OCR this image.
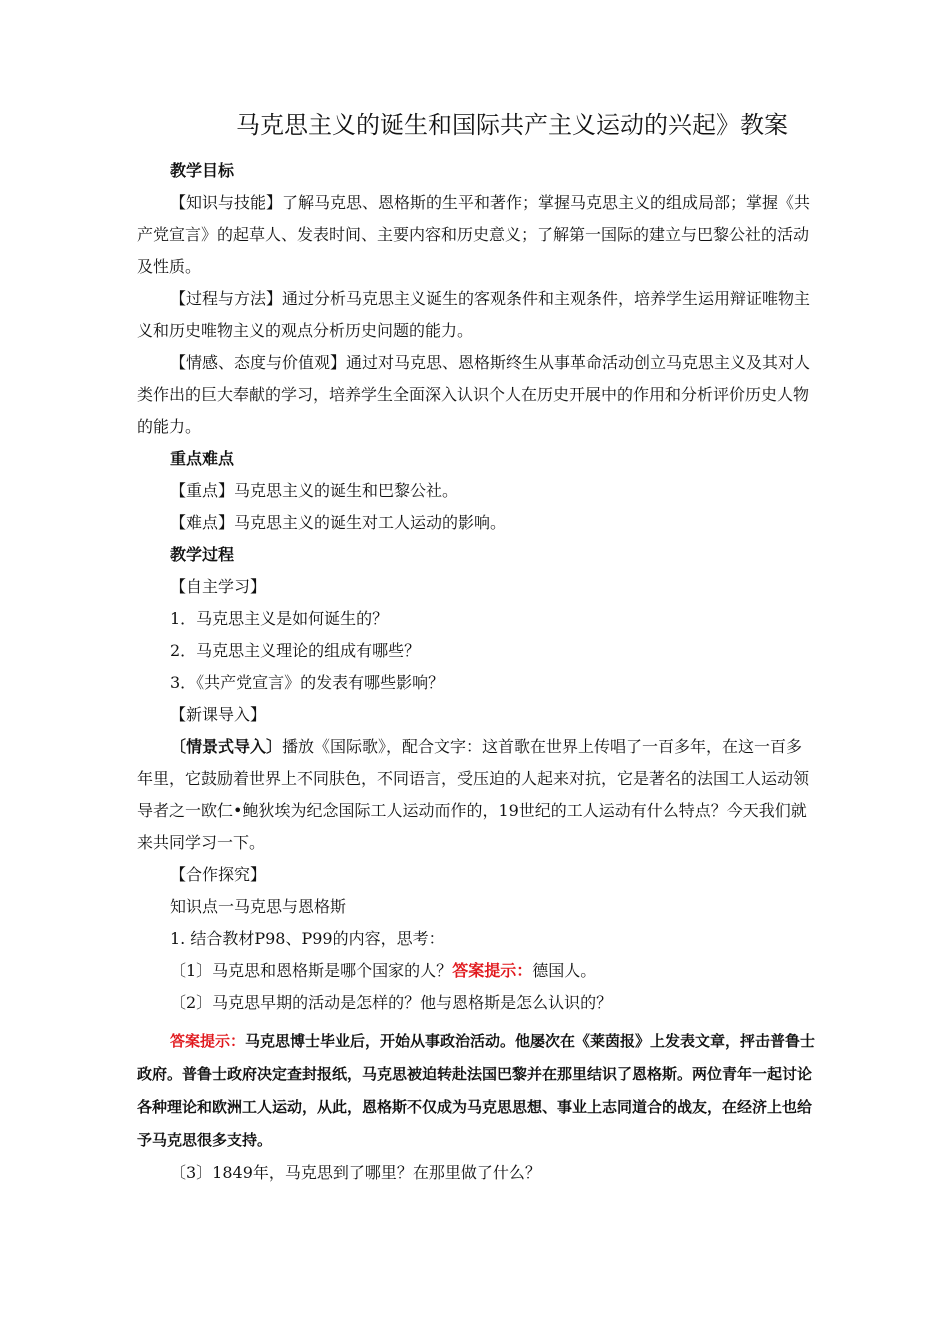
马克思主义的诞生和国际共产主义运动的兴起》教案

教学目标

【知识与技能】了解马克思、恩格斯的生平和著作；掌握马克思主义的组成局部；掌握《共产党宣言》的起草人、发表时间、主要内容和历史意义；了解第一国际的建立与巴黎公社的活动及性质。

【过程与方法】通过分析马克思主义诞生的客观条件和主观条件，培养学生运用辩证唯物主义和历史唯物主义的观点分析历史问题的能力。

【情感、态度与价值观】通过对马克思、恩格斯终生从事革命活动创立马克思主义及其对人类作出的巨大奉献的学习，培养学生全面深入认识个人在历史开展中的作用和分析评价历史人物的能力。

重点难点

【重点】马克思主义的诞生和巴黎公社。

【难点】马克思主义的诞生对工人运动的影响。

教学过程

【自主学习】

1．马克思主义是如何诞生的？

2．马克思主义理论的组成有哪些？

3．《共产党宣言》的发表有哪些影响？

【新课导入】

〔情景式导入〕播放《国际歌》，配合文字：这首歌在世界上传唱了一百多年，在这一百多年里，它鼓励着世界上不同肤色，不同语言，受压迫的人起来对抗，它是著名的法国工人运动领导者之一欧仁•鲍狄埃为纪念国际工人运动而作的，19世纪的工人运动有什么特点？今天我们就来共同学习一下。

【合作探究】

知识点一马克思与恩格斯

1. 结合教材P98、P99的内容，思考：

〔1〕马克思和恩格斯是哪个国家的人？答案提示：德国人。

〔2〕马克思早期的活动是怎样的？他与恩格斯是怎么认识的？

答案提示：马克思博士毕业后，开始从事政治活动。他屡次在《莱茵报》上发表文章，抨击普鲁士政府。普鲁士政府决定查封报纸，马克思被迫转赴法国巴黎并在那里结识了恩格斯。两位青年一起讨论各种理论和欧洲工人运动，从此，恩格斯不仅成为马克思思想、事业上志同道合的战友，在经济上也给予马克思很多支持。

〔3〕1849年，马克思到了哪里？在那里做了什么？
